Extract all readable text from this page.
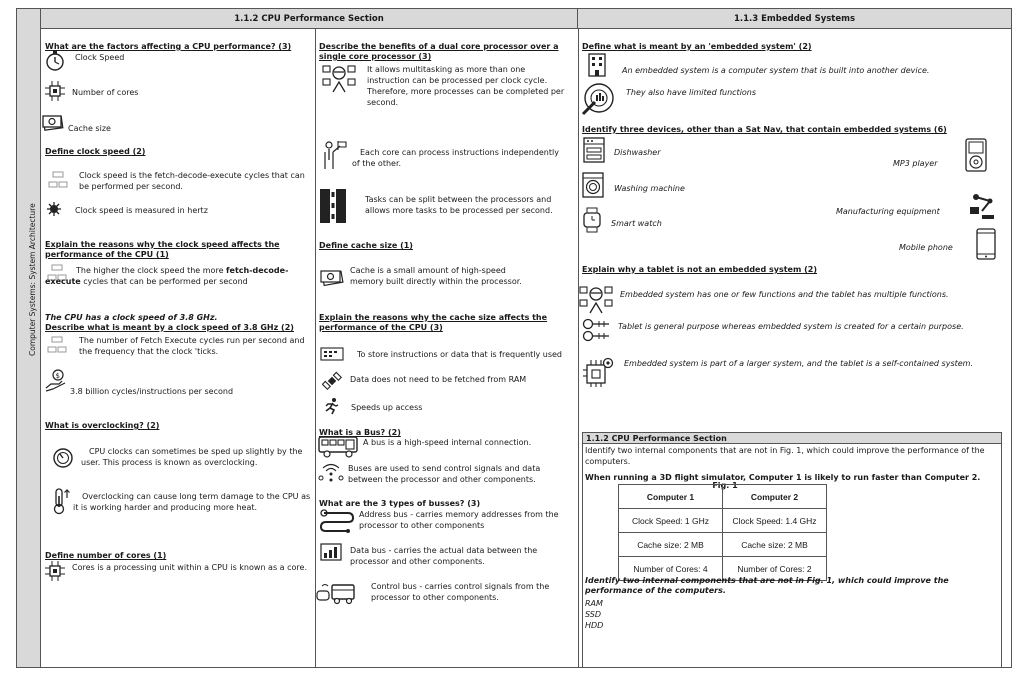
Computer Systems: System Architecture
1.1.2 CPU Performance Section	1.1.3 Embedded Systems
What are the factors affecting a CPU performance? (3)
Clock Speed
Number of cores
Cache size
Define clock speed (2)
Clock speed is the fetch-decode-execute cycles that can be performed per second.
Clock speed is measured in hertz
Explain the reasons why the clock speed affects the performance of the CPU (1)
The higher the clock speed the more fetch-decode-execute cycles that can be performed per second
The CPU has a clock speed of 3.8 GHz.
Describe what is meant by a clock speed of 3.8 GHz (2)
The number of Fetch Execute cycles run per second and the frequency that the clock 'ticks.
$
3.8 billion cycles/instructions per second
What is overclocking? (2)
CPU clocks can sometimes be sped up slightly by the user. This process is known as overclocking.
Overclocking can cause long term damage to the CPU as it is working harder and producing more heat.
Define number of cores (1)
Cores is a processing unit within a CPU is known as a core.
Describe the benefits of a dual core processor over a single core processor (3)
It allows multitasking as more than one instruction can be processed per clock cycle. Therefore, more processes can be completed per second.
Each core can process instructions independently of the other.
Tasks can be split between the processors and allows more tasks to be processed per second.
Define cache size (1)
Cache is a small amount of high-speed memory built directly within the processor.
Explain the reasons why the cache size affects the performance of the CPU (3)
To store instructions or data that is frequently used
Data does not need to be fetched from RAM
Speeds up access
What is a Bus? (2)
A bus is a high-speed internal connection.
Buses are used to send control signals and data between the processor and other components.
What are the 3 types of busses? (3)
Address bus - carries memory addresses from the processor to other components
Data bus - carries the actual data between the processor and other components.
Control bus - carries control signals from the processor to other components.
Define what is meant by an 'embedded system' (2)
An embedded system is a computer system that is built into another device.
They also have limited functions
Identify three devices, other than a Sat Nav, that contain embedded systems (6)
Dishwasher
MP3 player
Washing machine
Manufacturing equipment
Smart watch
Mobile phone
Explain why a tablet is not an embedded system (2)
Embedded system has one or few functions and the tablet has multiple functions.
Tablet is general purpose whereas embedded system is created for a certain purpose.
Embedded system is part of a larger system, and the tablet is a self-contained system.
1.1.2 CPU Performance Section
Identify two internal components that are not in Fig. 1, which could improve the performance of the computers.
When running a 3D flight simulator, Computer 1 is likely to run faster than Computer 2.
Fig. 1
Computer 1	Computer 2
Clock Speed: 1 GHz	Clock Speed: 1.4 GHz
Cache size: 2 MB	Cache size: 2 MB
Number of Cores: 4	Number of Cores: 2
Identify two internal components that are not in Fig. 1, which could improve the performance of the computers.
RAM
SSD
HDD
